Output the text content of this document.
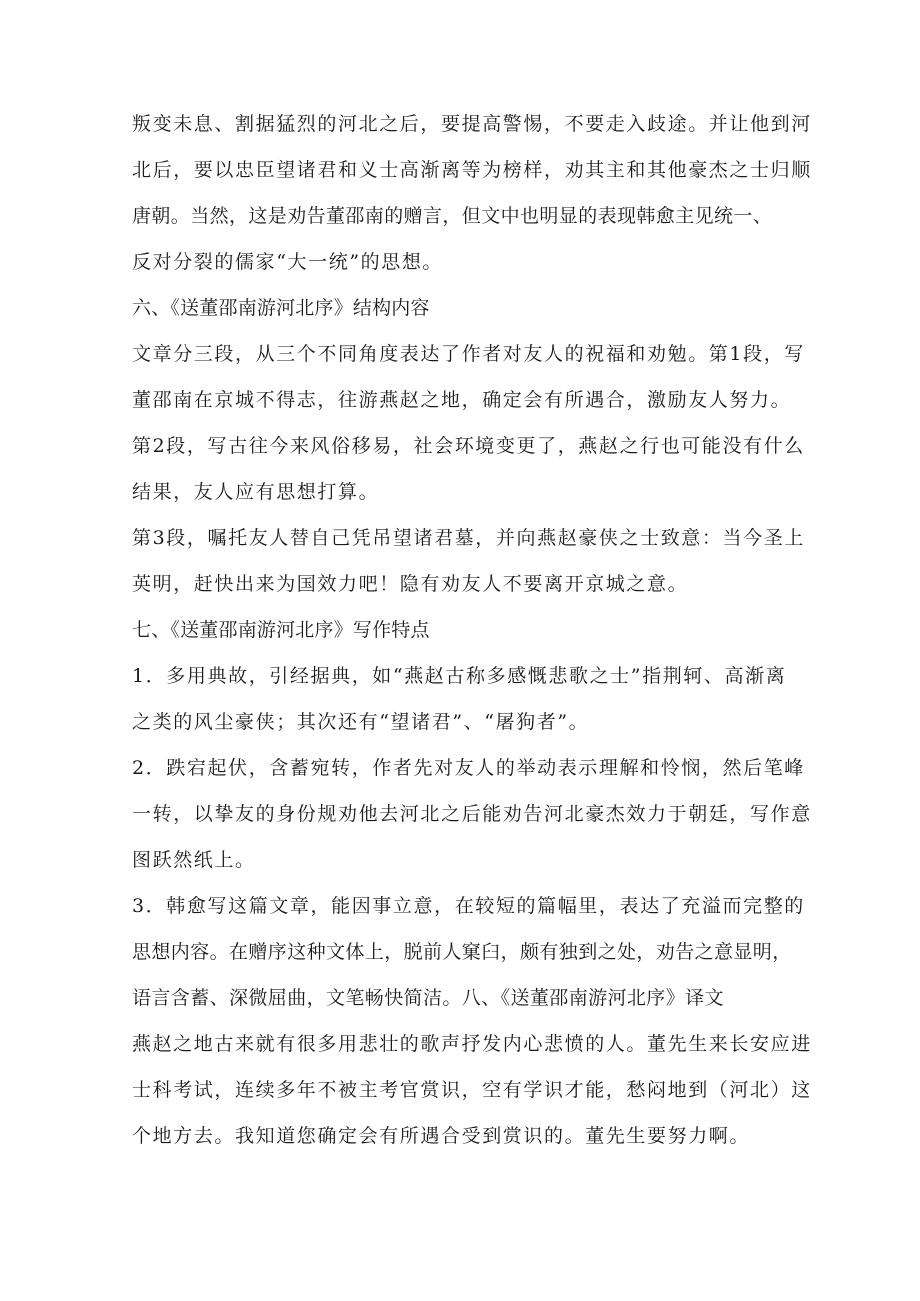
叛变未息、割据猛烈的河北之后，要提高警惕，不要走入歧途。并让他到河
北后，要以忠臣望诸君和义士高渐离等为榜样，劝其主和其他豪杰之士归顺
唐朝。当然，这是劝告董邵南的赠言，但文中也明显的表现韩愈主见统一、
反对分裂的儒家“大一统”的思想。
六、《送董邵南游河北序》结构内容
文章分三段，从三个不同角度表达了作者对友人的祝福和劝勉。第1段，写
董邵南在京城不得志，往游燕赵之地，确定会有所遇合，激励友人努力。
第2段，写古往今来风俗移易，社会环境变更了，燕赵之行也可能没有什么
结果，友人应有思想打算。
第3段，嘱托友人替自己凭吊望诸君墓，并向燕赵豪侠之士致意：当今圣上
英明，赶快出来为国效力吧！隐有劝友人不要离开京城之意。
七、《送董邵南游河北序》写作特点
1．多用典故，引经据典，如“燕赵古称多感慨悲歌之士”指荆轲、高渐离
之类的风尘豪侠；其次还有“望诸君”、“屠狗者”。
2．跌宕起伏，含蓄宛转，作者先对友人的举动表示理解和怜悯，然后笔峰
一转，以挚友的身份规劝他去河北之后能劝告河北豪杰效力于朝廷，写作意
图跃然纸上。
3．韩愈写这篇文章，能因事立意，在较短的篇幅里，表达了充溢而完整的
思想内容。在赠序这种文体上，脱前人窠臼，颇有独到之处，劝告之意显明，
语言含蓄、深微屈曲，文笔畅快简洁。八、《送董邵南游河北序》译文
燕赵之地古来就有很多用悲壮的歌声抒发内心悲愤的人。董先生来长安应进
士科考试，连续多年不被主考官赏识，空有学识才能，愁闷地到（河北）这
个地方去。我知道您确定会有所遇合受到赏识的。董先生要努力啊。
